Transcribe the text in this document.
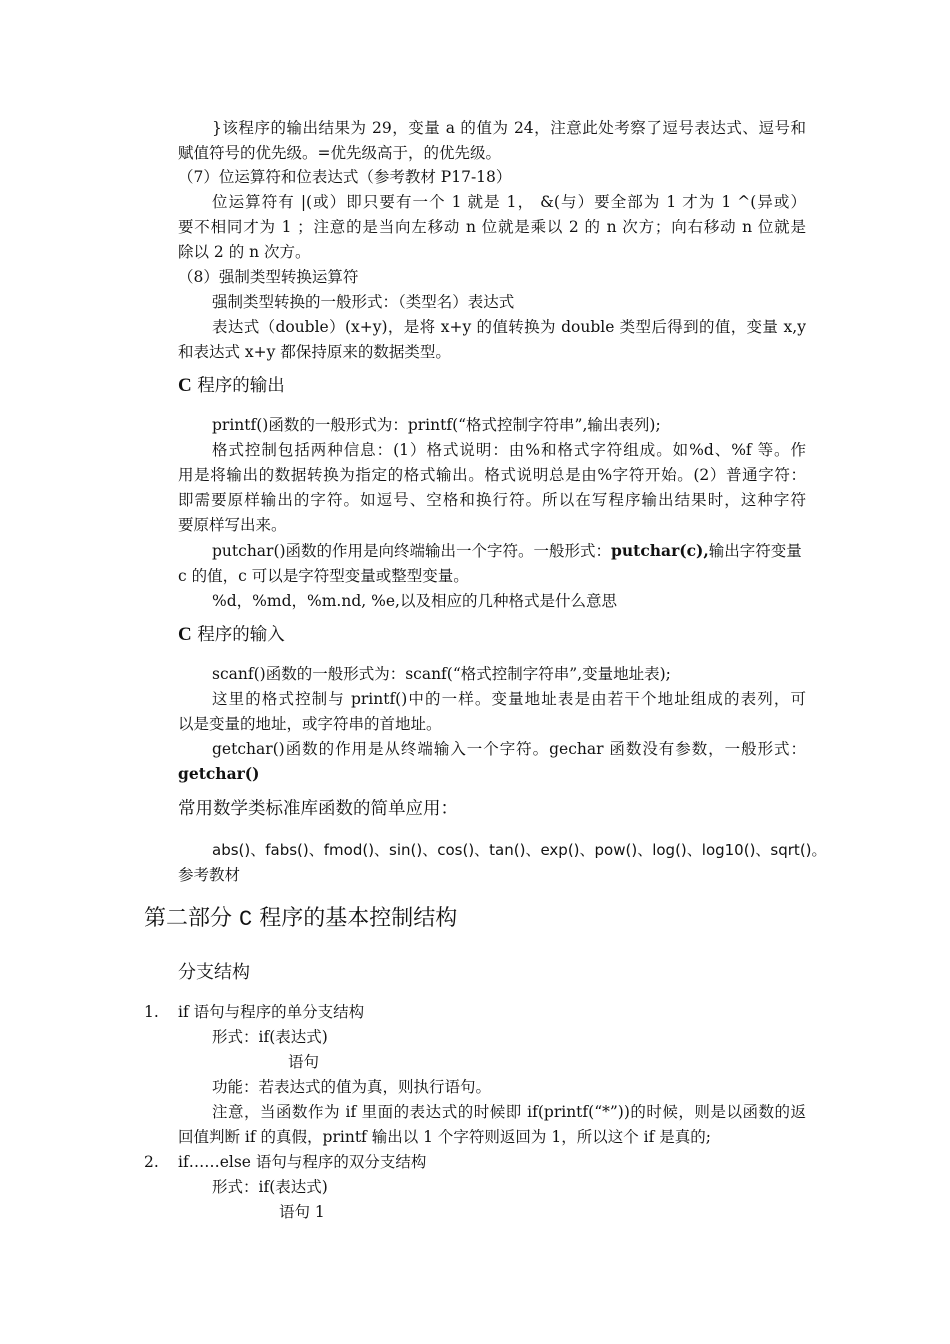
}该程序的输出结果为 29，变量 a 的值为 24，注意此处考察了逗号表达式、逗号和
赋值符号的优先级。=优先级高于，的优先级。
（7）位运算符和位表达式（参考教材 P17-18）
位运算符有 |(或）即只要有一个 1 就是 1， &(与）要全部为 1 才为 1 ^(异或）
要不相同才为 1 ；注意的是当向左移动 n 位就是乘以 2 的 n 次方；向右移动 n 位就是
除以 2 的 n 次方。
（8）强制类型转换运算符
强制类型转换的一般形式：（类型名）表达式
表达式（double）(x+y)，是将 x+y 的值转换为 double 类型后得到的值，变量 x,y
和表达式 x+y 都保持原来的数据类型。
C 程序的输出
printf()函数的一般形式为：printf(“格式控制字符串”,输出表列);
格式控制包括两种信息：(1）格式说明：由%和格式字符组成。如%d、%f 等。作
用是将输出的数据转换为指定的格式输出。格式说明总是由%字符开始。(2）普通字符：
即需要原样输出的字符。如逗号、空格和换行符。所以在写程序输出结果时，这种字符
要原样写出来。
putchar()函数的作用是向终端输出一个字符。一般形式：putchar(c),输出字符变量
c 的值，c 可以是字符型变量或整型变量。
%d，%md，%m.nd, %e,以及相应的几种格式是什么意思
C 程序的输入
scanf()函数的一般形式为：scanf(“格式控制字符串”,变量地址表);
这里的格式控制与 printf()中的一样。变量地址表是由若干个地址组成的表列，可
以是变量的地址，或字符串的首地址。
getchar()函数的作用是从终端输入一个字符。gechar 函数没有参数，一般形式：
getchar()
常用数学类标准库函数的简单应用：
abs()、fabs()、fmod()、sin()、cos()、tan()、exp()、pow()、log()、log10()、sqrt()。
参考教材
第二部分 C 程序的基本控制结构
分支结构
1. if 语句与程序的单分支结构
形式：if(表达式)
语句
功能：若表达式的值为真，则执行语句。
注意，当函数作为 if 里面的表达式的时候即 if(printf(“*”))的时候，则是以函数的返
回值判断 if 的真假，printf 输出以 1 个字符则返回为 1，所以这个 if 是真的;
2. if……else 语句与程序的双分支结构
形式：if(表达式)
语句 1
